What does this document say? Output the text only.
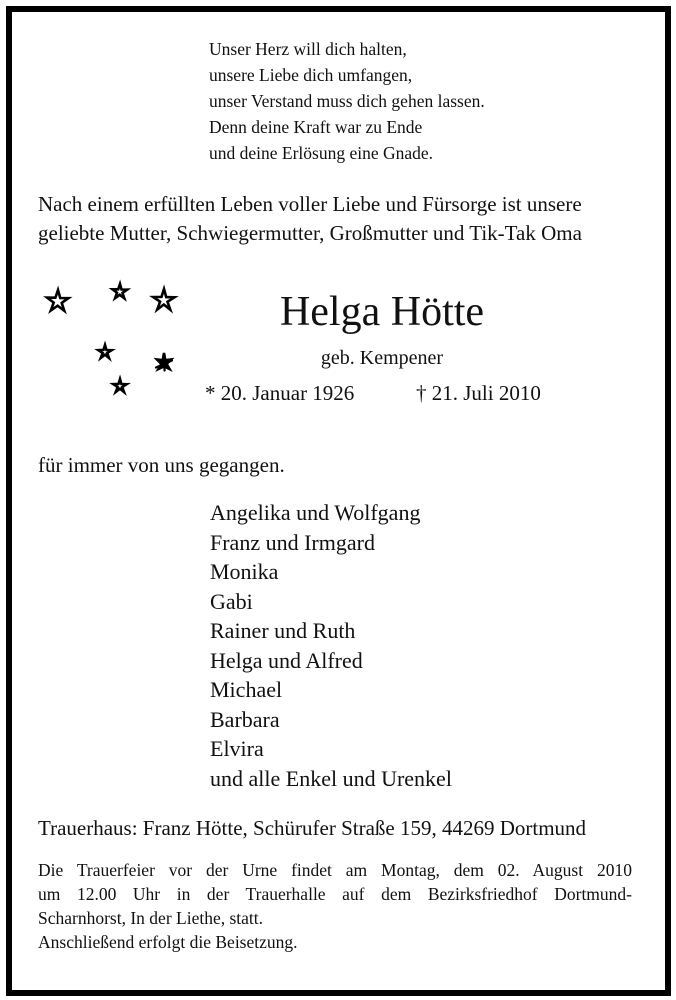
Unser Herz will dich halten,
unsere Liebe dich umfangen,
unser Verstand muss dich gehen lassen.
Denn deine Kraft war zu Ende
und deine Erlösung eine Gnade.
Nach einem erfüllten Leben voller Liebe und Fürsorge ist unsere
geliebte Mutter, Schwiegermutter, Großmutter und Tik-Tak Oma
Helga Hötte
geb. Kempener
* 20. Januar 1926	† 21. Juli 2010
für immer von uns gegangen.
Angelika und Wolfgang
Franz und Irmgard
Monika
Gabi
Rainer und Ruth
Helga und Alfred
Michael
Barbara
Elvira
und alle Enkel und Urenkel
Trauerhaus: Franz Hötte, Schürufer Straße 159, 44269 Dortmund
Die Trauerfeier vor der Urne findet am Montag, dem 02. August 2010
um 12.00 Uhr in der Trauerhalle auf dem Bezirksfriedhof Dortmund-
Scharnhorst, In der Liethe, statt.
Anschließend erfolgt die Beisetzung.
